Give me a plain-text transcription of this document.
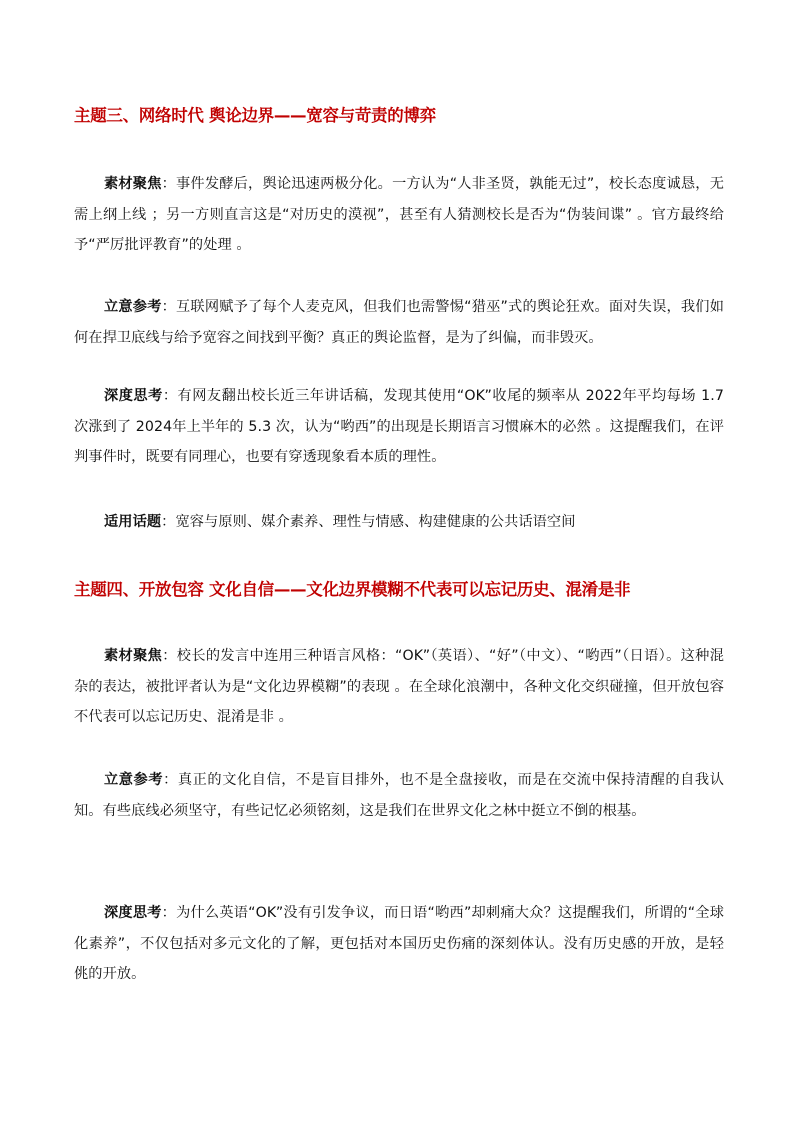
主题三、网络时代 舆论边界——宽容与苛责的博弈
素材聚焦：事件发酵后，舆论迅速两极分化。一方认为“人非圣贤，孰能无过”，校长态度诚恳，无需上纲上线 ；另一方则直言这是“对历史的漠视”，甚至有人猜测校长是否为“伪装间谍” 。官方最终给予“严厉批评教育”的处理 。
立意参考：互联网赋予了每个人麦克风，但我们也需警惕“猎巫”式的舆论狂欢。面对失误，我们如何在捍卫底线与给予宽容之间找到平衡？真正的舆论监督，是为了纠偏，而非毁灭。
深度思考：有网友翻出校长近三年讲话稿，发现其使用“OK”收尾的频率从 2022年平均每场 1.7 次涨到了 2024年上半年的 5.3 次，认为“哟西”的出现是长期语言习惯麻木的必然 。这提醒我们，在评判事件时，既要有同理心，也要有穿透现象看本质的理性。
适用话题：宽容与原则、媒介素养、理性与情感、构建健康的公共话语空间
主题四、开放包容 文化自信——文化边界模糊不代表可以忘记历史、混淆是非
素材聚焦：校长的发言中连用三种语言风格：“OK”（英语）、“好”（中文）、“哟西”（日语）。这种混杂的表达，被批评者认为是“文化边界模糊”的表现 。在全球化浪潮中，各种文化交织碰撞，但开放包容不代表可以忘记历史、混淆是非 。
立意参考：真正的文化自信，不是盲目排外，也不是全盘接收，而是在交流中保持清醒的自我认知。有些底线必须坚守，有些记忆必须铭刻，这是我们在世界文化之林中挺立不倒的根基。
深度思考：为什么英语“OK”没有引发争议，而日语“哟西”却刺痛大众？这提醒我们，所谓的“全球化素养”，不仅包括对多元文化的了解，更包括对本国历史伤痛的深刻体认。没有历史感的开放，是轻佻的开放。
